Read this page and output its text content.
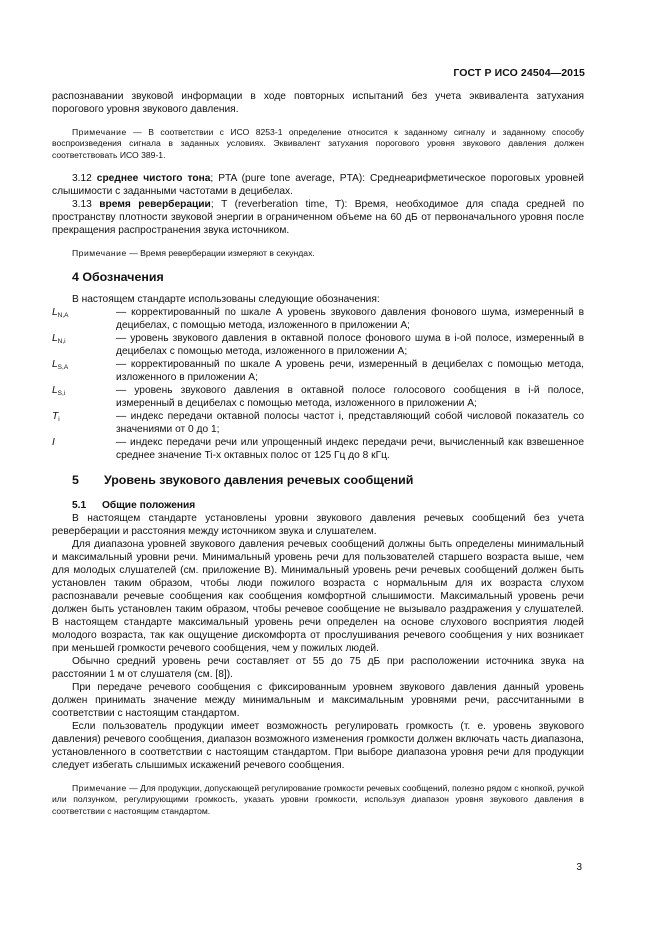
ГОСТ Р ИСО 24504—2015

распознавании звуковой информации в ходе повторных испытаний без учета эквивалента затухания порогового уровня звукового давления.

Примечание — В соответствии с ИСО 8253-1 определение относится к заданному сигналу и заданному способу воспроизведения сигнала в заданных условиях. Эквивалент затухания порогового уровня звукового давления должен соответствовать ИСО 389-1.

3.12 среднее чистого тона; PTA (pure tone average, PTA): Среднеарифметическое пороговых уровней слышимости с заданными частотами в децибелах.

3.13 время реверберации; T (reverberation time, T): Время, необходимое для спада средней по пространству плотности звуковой энергии в ограниченном объеме на 60 дБ от первоначального уровня после прекращения распространения звука источником.

Примечание — Время реверберации измеряют в секундах.

4 Обозначения

В настоящем стандарте использованы следующие обозначения:

$L_{N,A}$	— корректированный по шкале А уровень звукового давления фонового шума, измеренный в децибелах, с помощью метода, изложенного в приложении А;
$L_{N,i}$	— уровень звукового давления в октавной полосе фонового шума в i-ой полосе, измеренный в децибелах с помощью метода, изложенного в приложении А;
$L_{S,A}$	— корректированный по шкале А уровень речи, измеренный в децибелах с помощью метода, изложенного в приложении А;
$L_{S,i}$	— уровень звукового давления в октавной полосе голосового сообщения в i-й полосе, измеренный в децибелах с помощью метода, изложенного в приложении А;
$T_i$	— индекс передачи октавной полосы частот i, представляющий собой числовой показатель со значениями от 0 до 1;
I	— индекс передачи речи или упрощенный индекс передачи речи, вычисленный как взвешенное среднее значение Ti-х октавных полос от 125 Гц до 8 кГц.
5 Уровень звукового давления речевых сообщений
5.1 Общие положения

В настоящем стандарте установлены уровни звукового давления речевых сообщений без учета реверберации и расстояния между источником звука и слушателем.

Для диапазона уровней звукового давления речевых сообщений должны быть определены минимальный и максимальный уровни речи. Минимальный уровень речи для пользователей старшего возраста выше, чем для молодых слушателей (см. приложение В). Минимальный уровень речи речевых сообщений должен быть установлен таким образом, чтобы люди пожилого возраста с нормальным для их возраста слухом распознавали речевые сообщения как сообщения комфортной слышимости. Максимальный уровень речи должен быть установлен таким образом, чтобы речевое сообщение не вызывало раздражения у слушателей. В настоящем стандарте максимальный уровень речи определен на основе слухового восприятия людей молодого возраста, так как ощущение дискомфорта от прослушивания речевого сообщения у них возникает при меньшей громкости речевого сообщения, чем у пожилых людей.

Обычно средний уровень речи составляет от 55 до 75 дБ при расположении источника звука на расстоянии 1 м от слушателя (см. [8]).

При передаче речевого сообщения с фиксированным уровнем звукового давления данный уровень должен принимать значение между минимальным и максимальным уровнями речи, рассчитанными в соответствии с настоящим стандартом.

Если пользователь продукции имеет возможность регулировать громкость (т. е. уровень звукового давления) речевого сообщения, диапазон возможного изменения громкости должен включать часть диапазона, установленного в соответствии с настоящим стандартом. При выборе диапазона уровня речи для продукции следует избегать слышимых искажений речевого сообщения.

Примечание — Для продукции, допускающей регулирование громкости речевых сообщений, полезно рядом с кнопкой, ручкой или ползунком, регулирующими громкость, указать уровни громкости, используя диапазон уровня звукового давления в соответствии с настоящим стандартом.

3
